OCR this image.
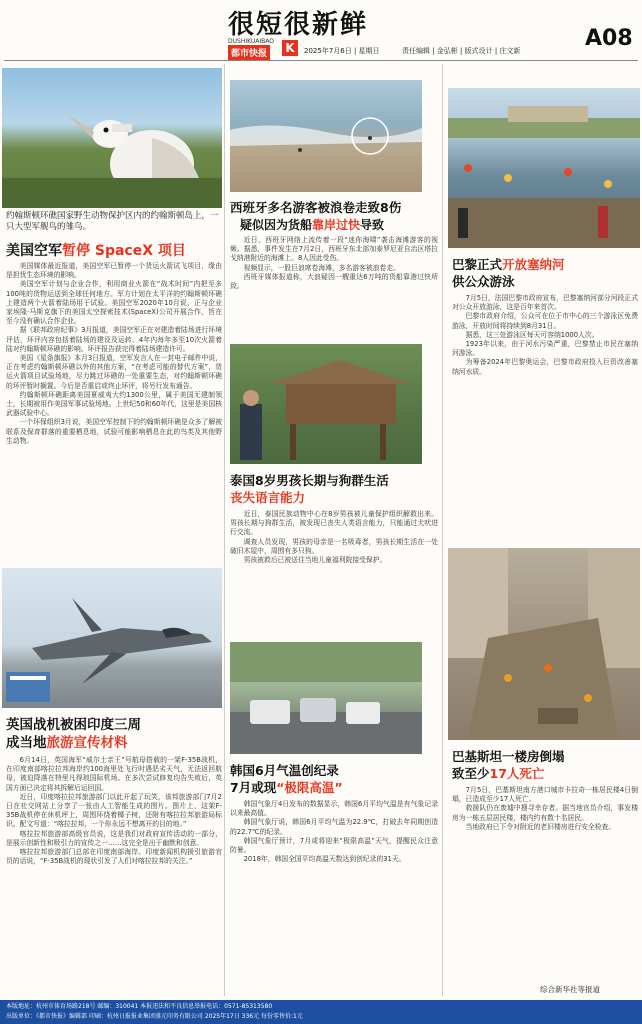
很短很新鲜
DUSHIKUAIBAO
都市快报 K	2025年7月6日 | 星期日	责任编辑 | 金弘彬 | 版式设计 | 庄文新	A08
约翰斯顿环礁国家野生动物保护区内的约翰斯顿岛上，一只大型军舰鸟的雏鸟。
美国空军暂停 SpaceX 项目

美国媒体最近报道，美国空军已暂停一个货运火箭试飞项目，缘由是担忧生态环境的影响。

美国空军计划与企业合作，利用商业火箭在“战术时间”内把至多100吨的货物运送到全球任何地方。军方计划在太平洋的约翰斯顿环礁上建造两个火箭着陆场用于试验。美国空军2020年10月说，正与企业家埃隆·马斯克旗下的美国太空探索技术(SpaceX)公司开展合作，旨在至今没有确认合作企业。

据《联邦政府纪事》3月报道，美国空军正在对建造着陆场进行环境评估，环评内容包括着陆场的建设及运转、4年内每年多至10次火箭着陆对约翰斯顿环礁的影响。环评报告获完得着陆场建造许可。

美国《星条旗报》本月3日报道，空军发言人在一封电子邮件中说，正在考虑约翰斯顿环礁以外的其他方案，“在考虑可能的替代方案”，货运火箭项目试验场地，尽力跳过环礁的一处重要生态，对约翰斯顿环礁的环评暂时搁置。今后是否重启或终止环评，将另行发布通告。

约翰斯顿环礁距离美国夏威夷大约1300公里，属于美国无建制领土，长期被用作美国军事试验场地。上世纪50和60年代，这里是美国核武器试验中心。

一个环保组织3月说，美国空军控制下的约翰斯顿环礁是众多了解被联系及保育群落的重要栖息地，试验可能影响栖息在此的鸟类及其他野生动物。

英国战机被困印度三周
成当地旅游宣传材料

6月14日，英国海军“威尔士亲王”号航母搭载的一架F-35B战机，在印度南部喀拉拉邦海岸约100海里处飞行时遇恶劣天气，无法返回航母，被迫降落在特里凡得琅国际机场。在多次尝试修复均告失败后，英国方面已决定将其拆解后运回国。

近日，印度喀拉拉邦旅游部门以此开起了玩笑，该邦旅游部门7月2日在社交网站上分享了一张由人工智能生成的图片。图片上，这架F-35B战机停在休机坪上，周围环绕着椰子树，还附有喀拉拉邦旅游局标识。配文写道：“喀拉拉邦，一个你永远不想离开的目的地。”

喀拉拉邦旅游部高级官员说，这是我们对政府宣传活动的一部分，是展示创新性和吸引力的宣传之一……这完全是出于幽默和创意。

喀拉拉邦旅游部门总部在印度南部海岸。印度新闻机构援引旅游官员的话说，“F-35B战机的现状引发了人们对喀拉拉邦的关注。”

西班牙多名游客被浪卷走致8伤
疑似因为货船靠岸过快导致

近日，西班牙网络上流传着一段“迷你海啸”袭击海滩游客的视频。据悉，事件发生在7月2日，西班牙东北部加泰罗尼亚自治区塔拉戈纳港附近的海滩上。8人因此受伤。

视频显示，一股巨浪席卷海滩，多名游客被浪卷走。

西班牙媒体报道称，大浪疑因一艘重达6万吨的货船靠港过快所致。

泰国8岁男孩长期与狗群生活
丧失语言能力

近日，泰国民族动物中心在8岁男孩被儿童保护组织解救出来。男孩长期与狗群生活，被发现已丧失人类语言能力，只能通过犬吠进行交流。

调查人员发现，男孩的母亲是一名吸毒者，男孩长期生活在一处破旧木屋中，周围有多只狗。

男孩被救后已被送往当地儿童福利院接受保护。

韩国6月气温创纪录
7月或现“极限高温”

韩国气象厅4日发布的数据显示，韩国6月平均气温是有气象记录以来最高值。

韩国气象厅说，韩国6月平均气温为22.9℃，打破去年同期创造的22.7℃的纪录。

韩国气象厅预计，7月或将迎来“极限高温”天气，提醒民众注意防暑。

2018年，韩国全国平均高温天数达到创纪录的31天。

巴黎正式开放塞纳河
供公众游泳

7月5日，法国巴黎市政府宣布，巴黎塞纳河部分河段正式对公众开放游泳，这是百年来首次。

巴黎市政府介绍，公众可在位于市中心的三个游泳区免费游泳，开放时间将持续到8月31日。

据悉，这三处游泳区每天可容纳1000人次。

1923年以来，由于河水污染严重，巴黎禁止市民在塞纳河游泳。

为筹备2024年巴黎奥运会，巴黎市政府投入巨资改善塞纳河水质。

巴基斯坦一楼房倒塌
致至少17人死亡

7月5日，巴基斯坦南方港口城市卡拉奇一栋居民楼4日倒塌，已造成至少17人死亡。

救援队仍在废墟中搜寻幸存者。据当地官员介绍，事发楼房为一栋五层居民楼，楼内约有数十名居民。

当地政府已下令对附近的老旧楼房进行安全检查。

综合新华社等报道
本版地址：杭州市体育场路218号 邮编：310041 本报违法和不良信息举报电话：0571-85313580
出版单位：《都市快报》编辑部 印刷：杭州日报报业集团盛元印务有限公司 2025年17日 336元 每份零售价:1元
